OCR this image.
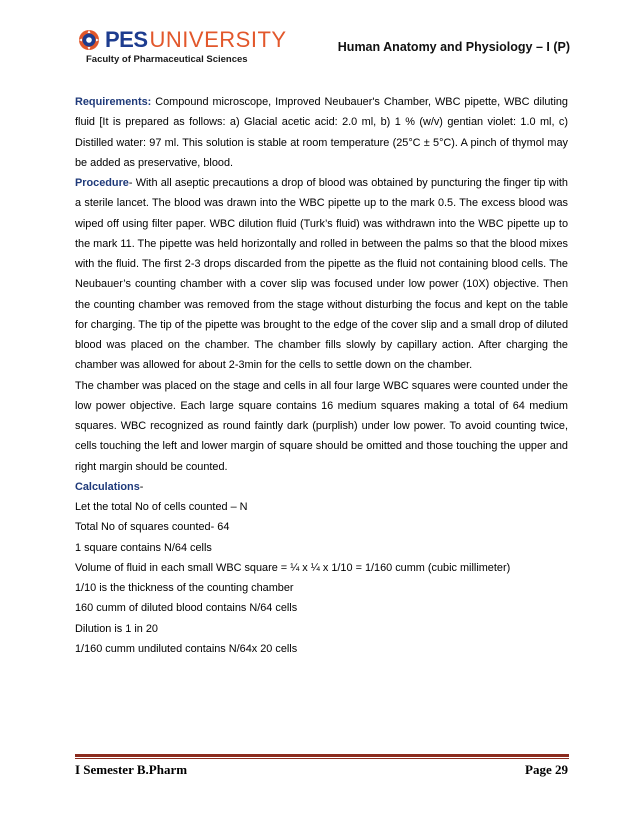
PES UNIVERSITY
Faculty of Pharmaceutical Sciences
Human Anatomy and Physiology – I (P)

Requirements: Compound microscope, Improved Neubauer's Chamber, WBC pipette, WBC diluting fluid [It is prepared as follows: a) Glacial acetic acid: 2.0 ml, b) 1 % (w/v) gentian violet: 1.0 ml, c) Distilled water: 97 ml. This solution is stable at room temperature (25°C ± 5°C). A pinch of thymol may be added as preservative, blood.

Procedure- With all aseptic precautions a drop of blood was obtained by puncturing the finger tip with a sterile lancet. The blood was drawn into the WBC pipette up to the mark 0.5. The excess blood was wiped off using filter paper. WBC dilution fluid (Turk’s fluid) was withdrawn into the WBC pipette up to the mark 11. The pipette was held horizontally and rolled in between the palms so that the blood mixes with the fluid. The first 2-3 drops discarded from the pipette as the fluid not containing blood cells. The Neubauer’s counting chamber with a cover slip was focused under low power (10X) objective. Then the counting chamber was removed from the stage without disturbing the focus and kept on the table for charging. The tip of the pipette was brought to the edge of the cover slip and a small drop of diluted blood was placed on the chamber. The chamber fills slowly by capillary action. After charging the chamber was allowed for about 2-3min for the cells to settle down on the chamber.

The chamber was placed on the stage and cells in all four large WBC squares were counted under the low power objective. Each large square contains 16 medium squares making a total of 64 medium squares. WBC recognized as round faintly dark (purplish) under low power. To avoid counting twice, cells touching the left and lower margin of square should be omitted and those touching the upper and right margin should be counted.

Calculations-

Let the total No of cells counted – N

Total No of squares counted- 64

1 square contains N/64 cells

Volume of fluid in each small WBC square = ¼ x ¼ x 1/10 = 1/160 cumm (cubic millimeter)

1/10 is the thickness of the counting chamber

160 cumm of diluted blood contains N/64 cells

Dilution is 1 in 20

1/160 cumm undiluted contains N/64x 20 cells

I Semester B.Pharm	Page 29
